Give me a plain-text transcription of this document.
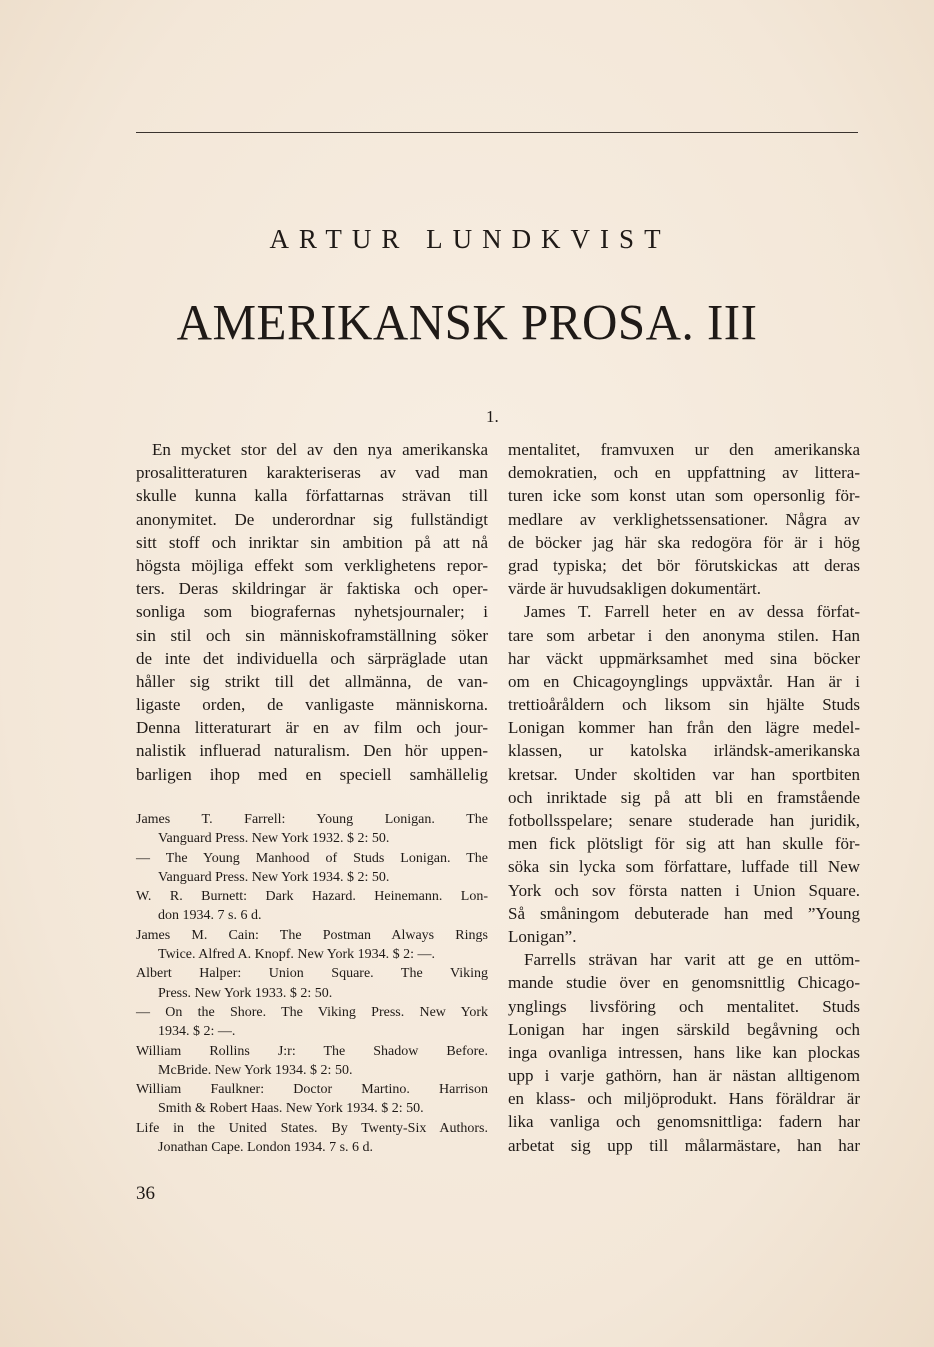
ARTUR LUNDKVIST
AMERIKANSK PROSA. III
1.
En mycket stor del av den nya amerikanska
prosalitteraturen karakteriseras av vad man
skulle kunna kalla författarnas strävan till
anonymitet. De underordnar sig fullständigt
sitt stoff och inriktar sin ambition på att nå
högsta möjliga effekt som verklighetens repor-
ters. Deras skildringar är faktiska och oper-
sonliga som biografernas nyhetsjournaler; i
sin stil och sin människoframställning söker
de inte det individuella och särpräglade utan
håller sig strikt till det allmänna, de van-
ligaste orden, de vanligaste människorna.
Denna litteraturart är en av film och jour-
nalistik influerad naturalism. Den hör uppen-
barligen ihop med en speciell samhällelig
James T. Farrell: Young Lonigan. The
Vanguard Press. New York 1932. $ 2: 50.
— The Young Manhood of Studs Lonigan. The
Vanguard Press. New York 1934. $ 2: 50.
W. R. Burnett: Dark Hazard. Heinemann. Lon-
don 1934. 7 s. 6 d.
James M. Cain: The Postman Always Rings
Twice. Alfred A. Knopf. New York 1934. $ 2: —.
Albert Halper: Union Square. The Viking
Press. New York 1933. $ 2: 50.
— On the Shore. The Viking Press. New York
1934. $ 2: —.
William Rollins J:r: The Shadow Before.
McBride. New York 1934. $ 2: 50.
William Faulkner: Doctor Martino. Harrison
Smith & Robert Haas. New York 1934. $ 2: 50.
Life in the United States. By Twenty-Six Authors.
Jonathan Cape. London 1934. 7 s. 6 d.
mentalitet, framvuxen ur den amerikanska
demokratien, och en uppfattning av littera-
turen icke som konst utan som opersonlig för-
medlare av verklighetssensationer. Några av
de böcker jag här ska redogöra för är i hög
grad typiska; det bör förutskickas att deras
värde är huvudsakligen dokumentärt.
James T. Farrell heter en av dessa förfat-
tare som arbetar i den anonyma stilen. Han
har väckt uppmärksamhet med sina böcker
om en Chicagoynglings uppväxtår. Han är i
trettioåråldern och liksom sin hjälte Studs
Lonigan kommer han från den lägre medel-
klassen, ur katolska irländsk-amerikanska
kretsar. Under skoltiden var han sportbiten
och inriktade sig på att bli en framstående
fotbollsspelare; senare studerade han juridik,
men fick plötsligt för sig att han skulle för-
söka sin lycka som författare, luffade till New
York och sov första natten i Union Square.
Så småningom debuterade han med ”Young
Lonigan”.
Farrells strävan har varit att ge en uttöm-
mande studie över en genomsnittlig Chicago-
ynglings livsföring och mentalitet. Studs
Lonigan har ingen särskild begåvning och
inga ovanliga intressen, hans like kan plockas
upp i varje gathörn, han är nästan alltigenom
en klass- och miljöprodukt. Hans föräldrar är
lika vanliga och genomsnittliga: fadern har
arbetat sig upp till målarmästare, han har
36
